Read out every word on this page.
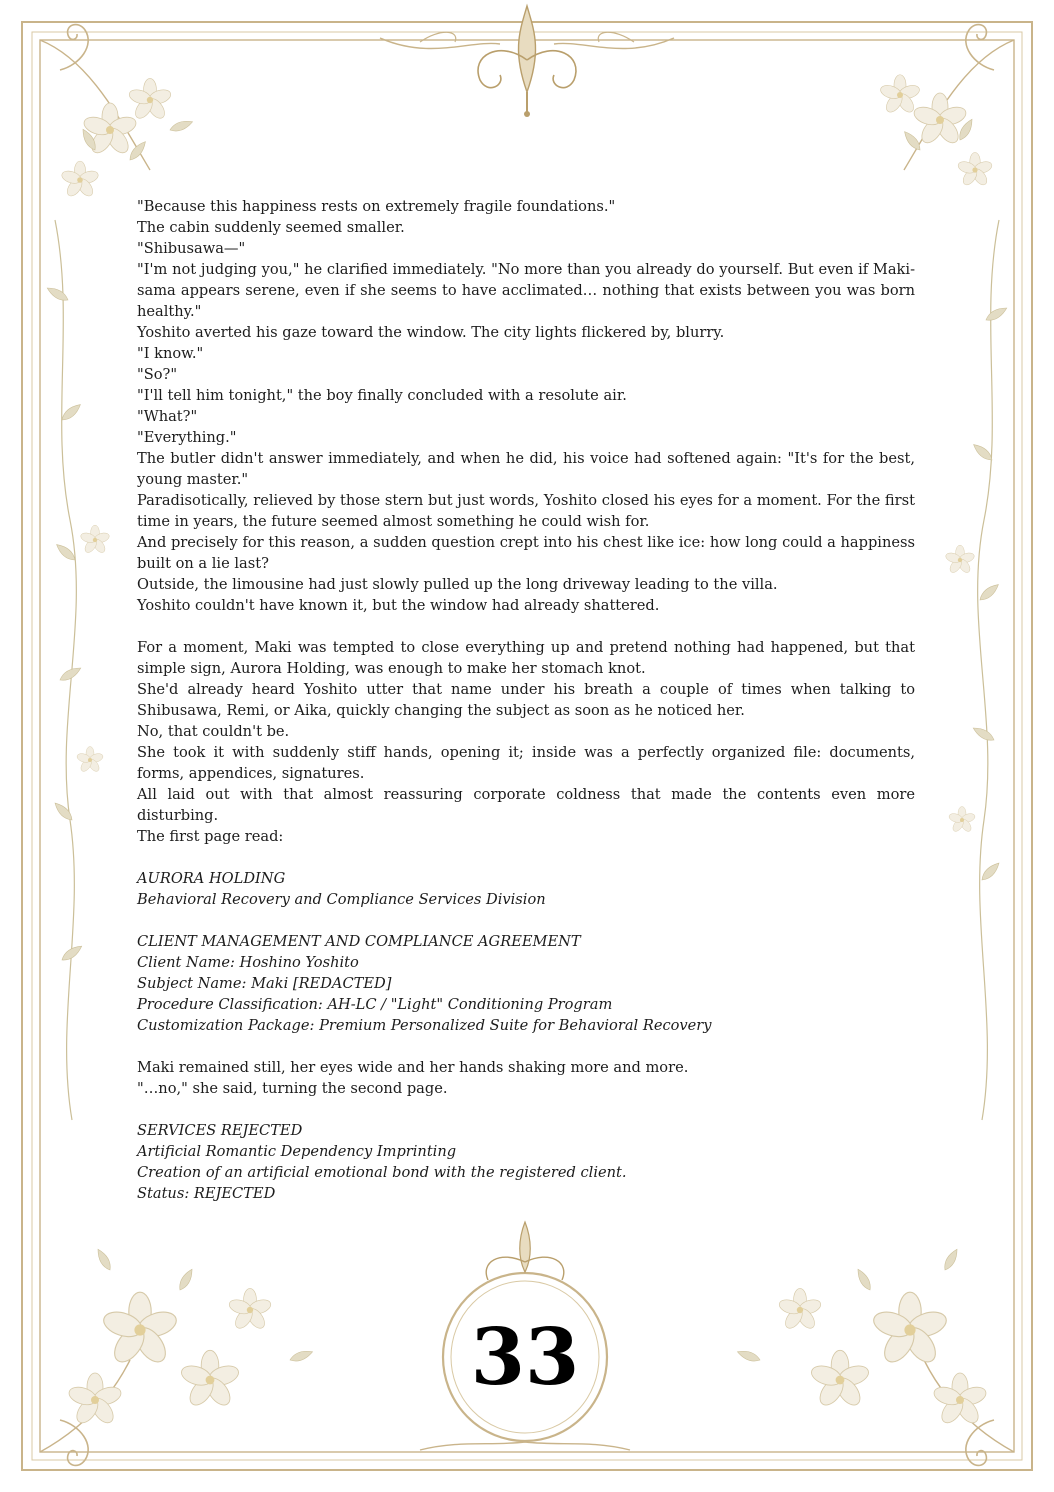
"Because this happiness rests on extremely fragile foundations."

The cabin suddenly seemed smaller.

"Shibusawa—"

"I'm not judging you," he clarified immediately. "No more than you already do yourself. But even if Maki-sama appears serene, even if she seems to have acclimated… nothing that exists between you was born healthy."

Yoshito averted his gaze toward the window. The city lights flickered by, blurry.

"I know."

"So?"

"I'll tell him tonight," the boy finally concluded with a resolute air.

"What?"

"Everything."

The butler didn't answer immediately, and when he did, his voice had softened again: "It's for the best, young master."

Paradisotically, relieved by those stern but just words, Yoshito closed his eyes for a moment. For the first time in years, the future seemed almost something he could wish for.

And precisely for this reason, a sudden question crept into his chest like ice: how long could a happiness built on a lie last?

Outside, the limousine had just slowly pulled up the long driveway leading to the villa.

Yoshito couldn't have known it, but the window had already shattered.

For a moment, Maki was tempted to close everything up and pretend nothing had happened, but that simple sign, Aurora Holding, was enough to make her stomach knot.

She'd already heard Yoshito utter that name under his breath a couple of times when talking to Shibusawa, Remi, or Aika, quickly changing the subject as soon as he noticed her.

No, that couldn't be.

She took it with suddenly stiff hands, opening it; inside was a perfectly organized file: documents, forms, appendices, signatures.

All laid out with that almost reassuring corporate coldness that made the contents even more disturbing.

The first page read:

AURORA HOLDING

Behavioral Recovery and Compliance Services Division

CLIENT MANAGEMENT AND COMPLIANCE AGREEMENT

Client Name: Hoshino Yoshito

Subject Name: Maki [REDACTED]

Procedure Classification: AH-LC / "Light" Conditioning Program

Customization Package: Premium Personalized Suite for Behavioral Recovery

Maki remained still, her eyes wide and her hands shaking more and more.

"…no," she said, turning the second page.

SERVICES REJECTED

Artificial Romantic Dependency Imprinting

Creation of an artificial emotional bond with the registered client.

Status: REJECTED

33
